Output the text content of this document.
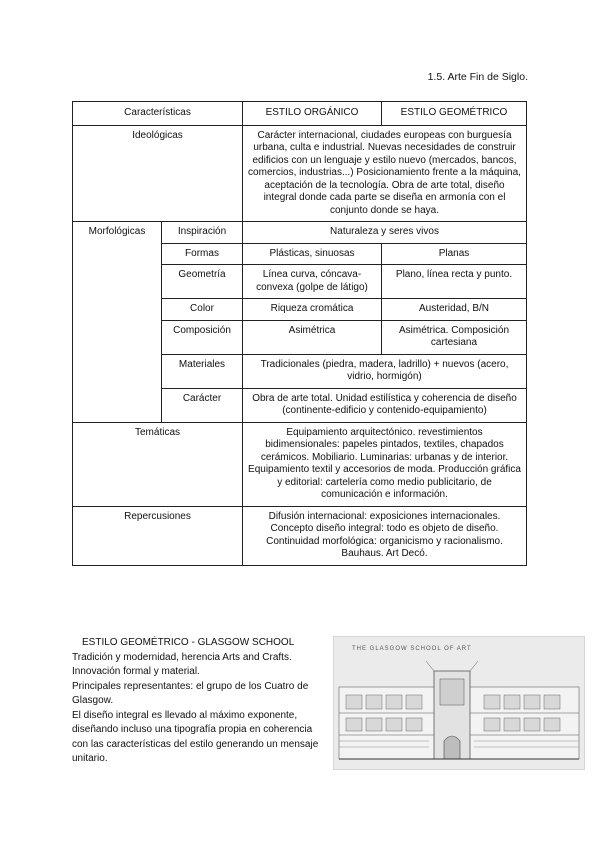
1.5. Arte Fin de Siglo.
Características		ESTILO ORGÁNICO	ESTILO GEOMÉTRICO
Ideológicas		Carácter internacional, ciudades europeas con burguesía urbana, culta e industrial. Nuevas necesidades de construir edificios con un lenguaje y estilo nuevo (mercados, bancos, comercios, industrias...) Posicionamiento frente a la máquina, aceptación de la tecnología. Obra de arte total, diseño integral donde cada parte se diseña en armonía con el conjunto donde se haya.	
Morfológicas	Inspiración	Naturaleza y seres vivos	
	Formas	Plásticas, sinuosas	Planas
	Geometría	Línea curva, cóncava-convexa (golpe de látigo)	Plano, línea recta y punto.
	Color	Riqueza cromática	Austeridad, B/N
	Composición	Asimétrica	Asimétrica. Composición cartesiana
	Materiales	Tradicionales (piedra, madera, ladrillo) + nuevos (acero, vidrio, hormigón)	
	Carácter	Obra de arte total. Unidad estilística y coherencia de diseño (continente-edificio y contenido-equipamiento)	
Temáticas		Equipamiento arquitectónico. revestimientos bidimensionales: papeles pintados, textiles, chapados cerámicos. Mobiliario. Luminarias: urbanas y de interior. Equipamiento textil y accesorios de moda. Producción gráfica y editorial: cartelería como medio publicitario, de comunicación e información.	
Repercusiones		Difusión internacional: exposiciones internacionales. Concepto diseño integral: todo es objeto de diseño. Continuidad morfológica: organicismo y racionalismo. Bauhaus. Art Decó.	
ESTILO GEOMÉTRICO - GLASGOW SCHOOL
Tradición y modernidad, herencia Arts and Crafts.
Innovación formal y material.
Principales representantes: el grupo de los Cuatro de Glasgow.
El diseño integral es llevado al máximo exponente, diseñando incluso una tipografía propia en coherencia con las características del estilo generando un mensaje unitario.
THE GLASGOW SCHOOL OF ART
